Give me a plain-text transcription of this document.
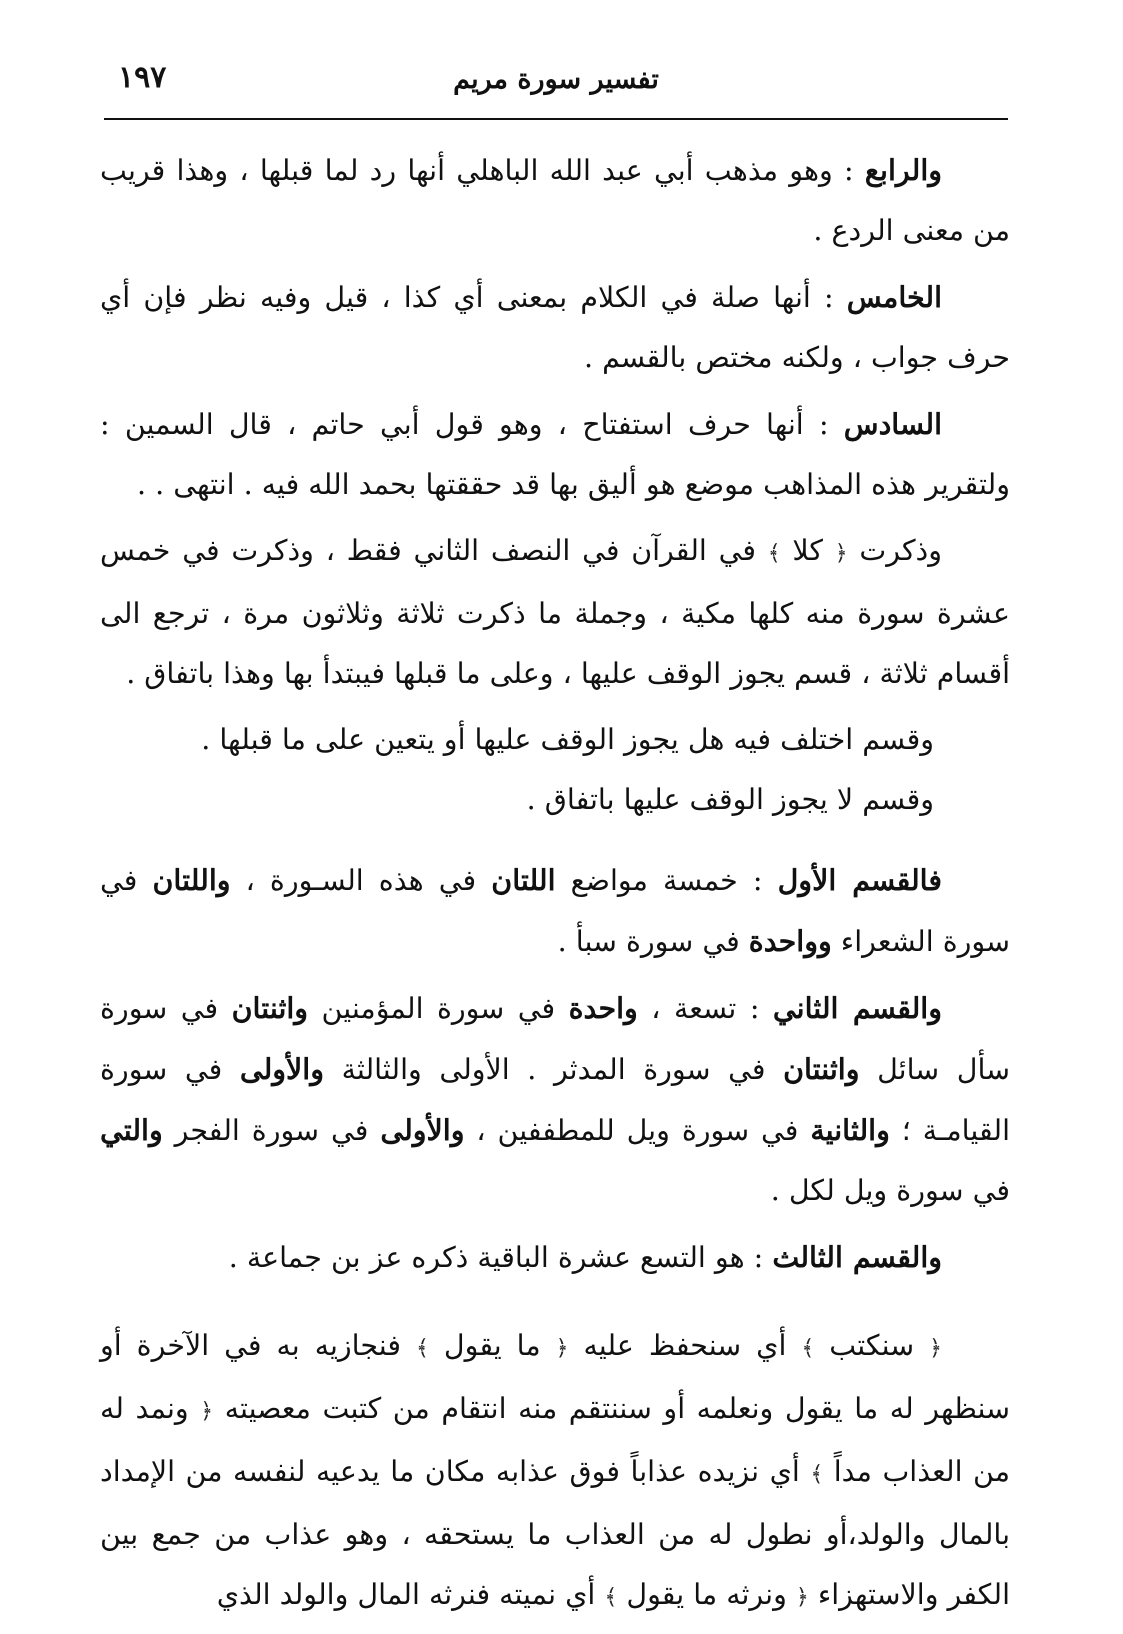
١٩٧	تفسير سورة مريم

والرابع : وهو مذهب أبي عبد الله الباهلي أنها رد لما قبلها ، وهذا قريب من معنى الردع .

الخامس : أنها صلة في الكلام بمعنى أي كذا ، قيل وفيه نظر فإن أي حرف جواب ، ولكنه مختص بالقسم .

السادس : أنها حرف استفتاح ، وهو قول أبي حاتم ، قال السمين : ولتقرير هذه المذاهب موضع هو أليق بها قد حققتها بحمد الله فيه . انتهى . .

وذكرت ﴿ كلا ﴾ في القرآن في النصف الثاني فقط ، وذكرت في خمس عشرة سورة منه كلها مكية ، وجملة ما ذكرت ثلاثة وثلاثون مرة ، ترجع الى أقسام ثلاثة ، قسم يجوز الوقف عليها ، وعلى ما قبلها فيبتدأ بها وهذا باتفاق .

وقسم اختلف فيه هل يجوز الوقف عليها أو يتعين على ما قبلها .

وقسم لا يجوز الوقف عليها باتفاق .

فالقسم الأول : خمسة مواضع اللتان في هذه السـورة ، واللتان في سورة الشعراء وواحدة في سورة سبأ .

والقسم الثاني : تسعة ، واحدة في سورة المؤمنين واثنتان في سورة سأل سائل واثنتان في سورة المدثر . الأولى والثالثة والأولى في سورة القيامـة ؛ والثانية في سورة ويل للمطففين ، والأولى في سورة الفجر والتي في سورة ويل لكل .

والقسم الثالث : هو التسع عشرة الباقية ذكره عز بن جماعة .

﴿ سنكتب ﴾ أي سنحفظ عليه ﴿ ما يقول ﴾ فنجازيه به في الآخرة أو سنظهر له ما يقول ونعلمه أو سننتقم منه انتقام من كتبت معصيته ﴿ ونمد له من العذاب مداً ﴾ أي نزيده عذاباً فوق عذابه مكان ما يدعيه لنفسه من الإمداد بالمال والولد،أو نطول له من العذاب ما يستحقه ، وهو عذاب من جمع بين الكفر والاستهزاء ﴿ ونرثه ما يقول ﴾ أي نميته فنرثه المال والولد الذي
